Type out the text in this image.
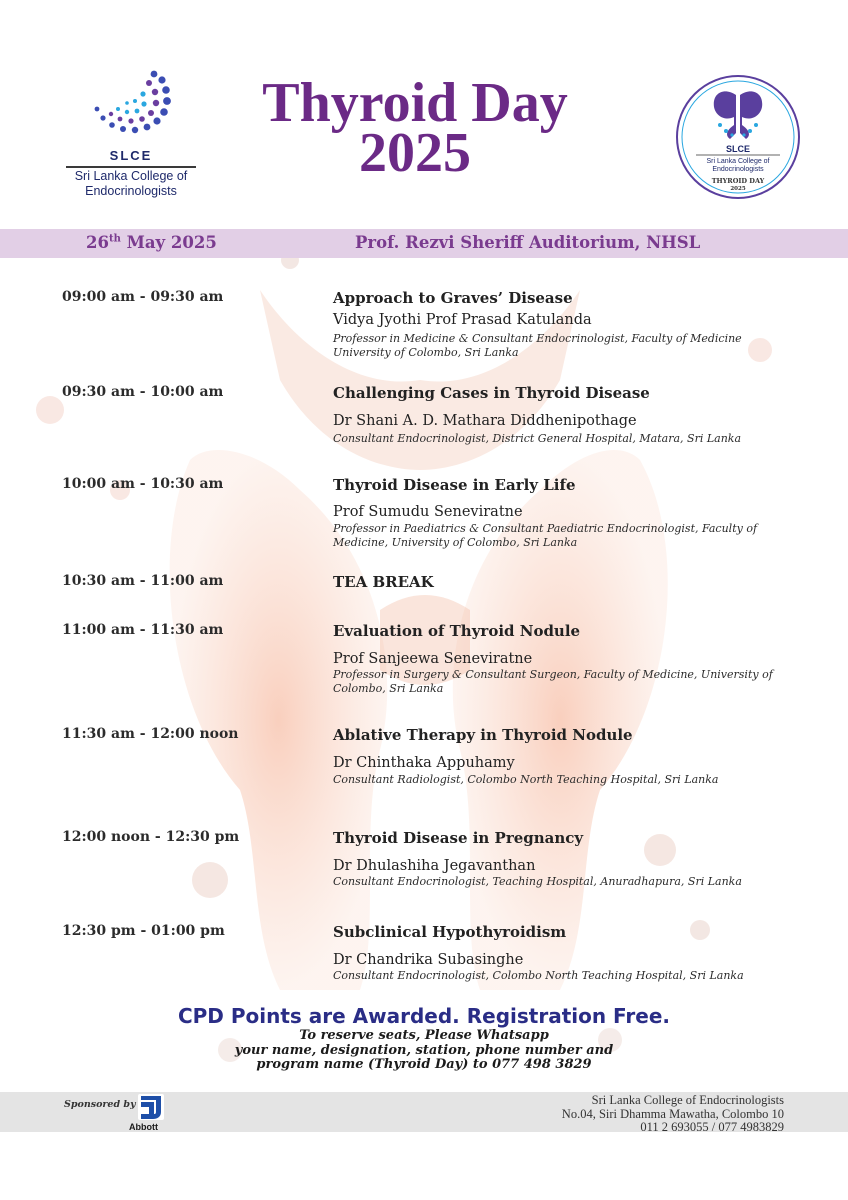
SLCE
Sri Lanka College of
Endocrinologists
Thyroid Day
2025	SLCE
Sri Lanka College of
Endocrinologists
THYROID DAY
2025
26th May 2025	Prof. Rezvi Sheriff Auditorium, NHSL
09:00 am - 09:30 am	Approach to Graves’ Disease
Vidya Jyothi Prof Prasad Katulanda
Professor in Medicine & Consultant Endocrinologist, Faculty of Medicine University of Colombo, Sri Lanka
09:30 am - 10:00 am	Challenging Cases in Thyroid Disease
Dr Shani A. D. Mathara Diddhenipothage
Consultant Endocrinologist, District General Hospital, Matara, Sri Lanka
10:00 am - 10:30 am	Thyroid Disease in Early Life
Prof Sumudu Seneviratne
Professor in Paediatrics & Consultant Paediatric Endocrinologist, Faculty of Medicine, University of Colombo, Sri Lanka
10:30 am - 11:00 am	TEA BREAK
11:00 am - 11:30 am	Evaluation of Thyroid Nodule
Prof Sanjeewa Seneviratne
Professor in Surgery & Consultant Surgeon, Faculty of Medicine, University of Colombo, Sri Lanka
11:30 am - 12:00 noon	Ablative Therapy in Thyroid Nodule
Dr Chinthaka Appuhamy
Consultant Radiologist, Colombo North Teaching Hospital, Sri Lanka
12:00 noon - 12:30 pm	Thyroid Disease in Pregnancy
Dr Dhulashiha Jegavanthan
Consultant Endocrinologist, Teaching Hospital, Anuradhapura, Sri Lanka
12:30 pm - 01:00 pm	Subclinical Hypothyroidism
Dr Chandrika Subasinghe
Consultant Endocrinologist, Colombo North Teaching Hospital, Sri Lanka
CPD Points are Awarded. Registration Free.
To reserve seats, Please Whatsapp
your name, designation, station, phone number and
program name (Thyroid Day) to 077 498 3829
Sponsored by
Abbott
Sri Lanka College of Endocrinologists
No.04, Siri Dhamma Mawatha, Colombo 10
011 2 693055 / 077 4983829
